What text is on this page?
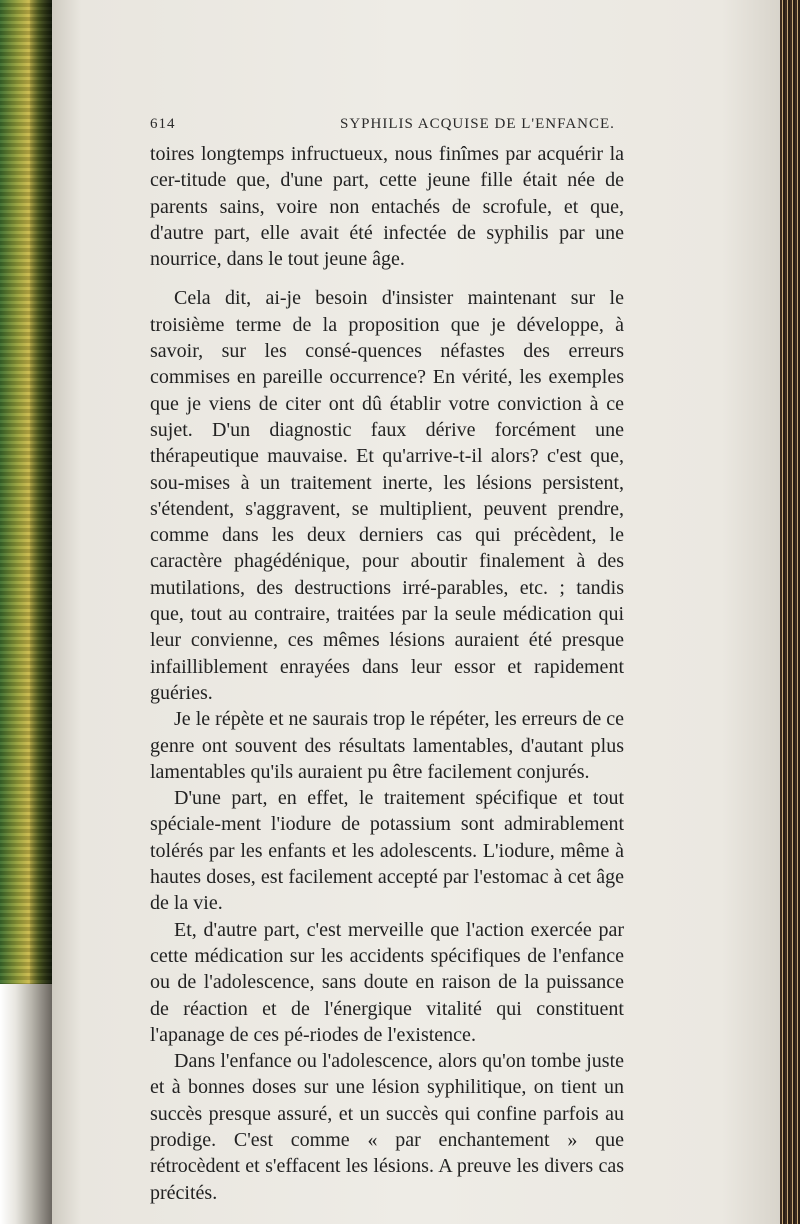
614	SYPHILIS ACQUISE DE L'ENFANCE.

toires longtemps infructueux, nous finîmes par acquérir la cer-titude que, d'une part, cette jeune fille était née de parents sains, voire non entachés de scrofule, et que, d'autre part, elle avait été infectée de syphilis par une nourrice, dans le tout jeune âge.

Cela dit, ai-je besoin d'insister maintenant sur le troisième terme de la proposition que je développe, à savoir, sur les consé-quences néfastes des erreurs commises en pareille occurrence? En vérité, les exemples que je viens de citer ont dû établir votre conviction à ce sujet. D'un diagnostic faux dérive forcément une thérapeutique mauvaise. Et qu'arrive-t-il alors? c'est que, sou-mises à un traitement inerte, les lésions persistent, s'étendent, s'aggravent, se multiplient, peuvent prendre, comme dans les deux derniers cas qui précèdent, le caractère phagédénique, pour aboutir finalement à des mutilations, des destructions irré-parables, etc. ; tandis que, tout au contraire, traitées par la seule médication qui leur convienne, ces mêmes lésions auraient été presque infailliblement enrayées dans leur essor et rapidement guéries.

Je le répète et ne saurais trop le répéter, les erreurs de ce genre ont souvent des résultats lamentables, d'autant plus lamentables qu'ils auraient pu être facilement conjurés.

D'une part, en effet, le traitement spécifique et tout spéciale-ment l'iodure de potassium sont admirablement tolérés par les enfants et les adolescents. L'iodure, même à hautes doses, est facilement accepté par l'estomac à cet âge de la vie.

Et, d'autre part, c'est merveille que l'action exercée par cette médication sur les accidents spécifiques de l'enfance ou de l'adolescence, sans doute en raison de la puissance de réaction et de l'énergique vitalité qui constituent l'apanage de ces pé-riodes de l'existence.

Dans l'enfance ou l'adolescence, alors qu'on tombe juste et à bonnes doses sur une lésion syphilitique, on tient un succès presque assuré, et un succès qui confine parfois au prodige. C'est comme « par enchantement » que rétrocèdent et s'effacent les lésions. A preuve les divers cas précités.
